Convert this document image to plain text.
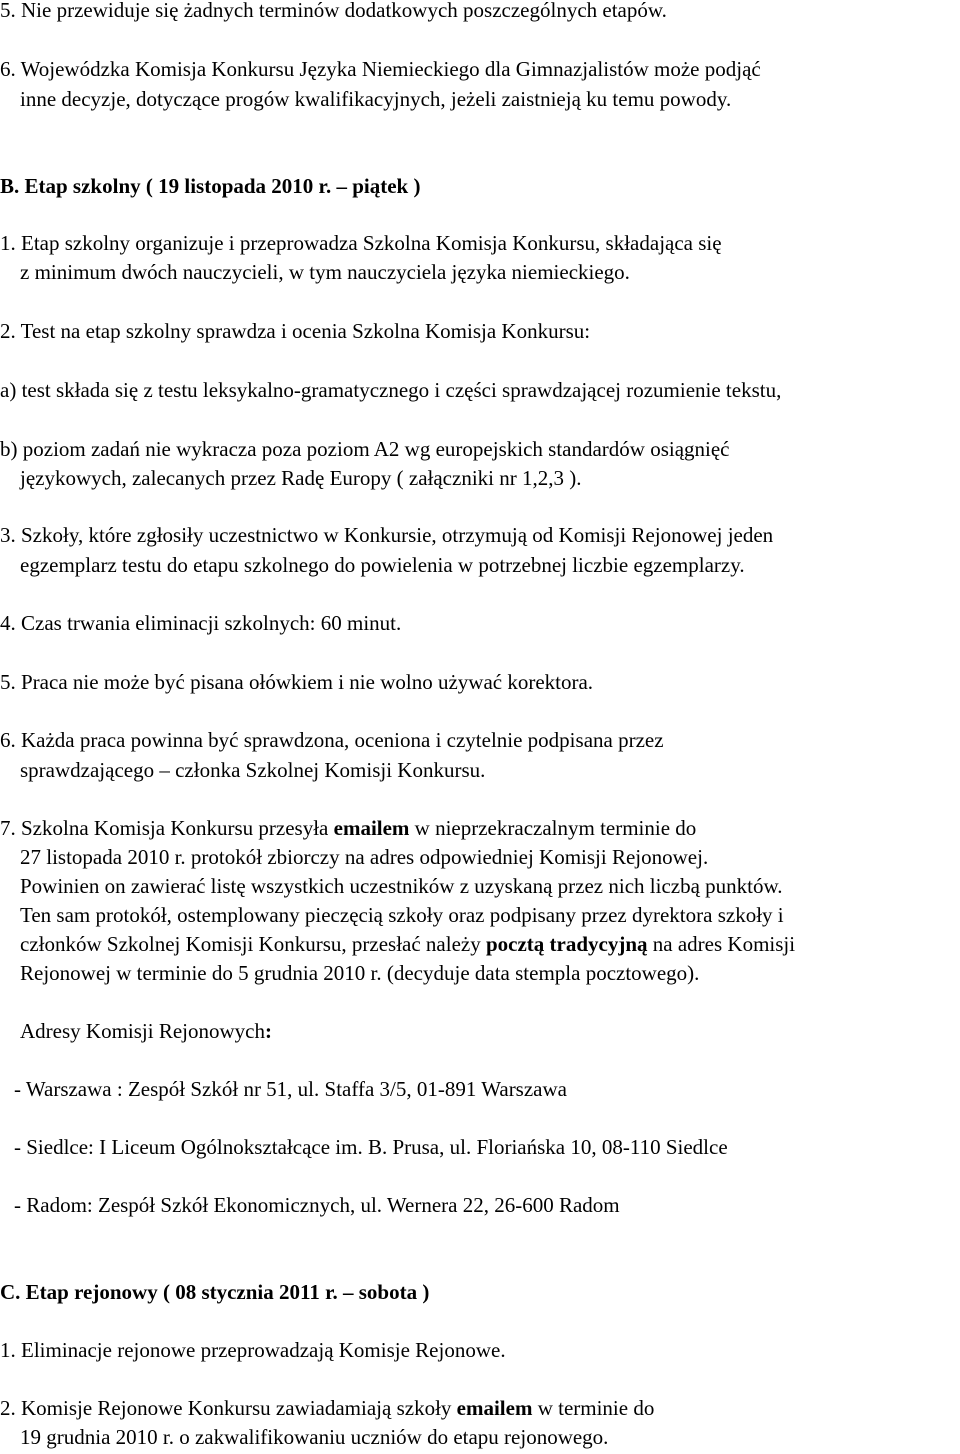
5. Nie przewiduje się żadnych terminów dodatkowych poszczególnych etapów.
6. Wojewódzka Komisja Konkursu Języka Niemieckiego dla Gimnazjalistów może podjąć
inne decyzje, dotyczące progów kwalifikacyjnych, jeżeli zaistnieją ku temu powody.
B. Etap szkolny ( 19 listopada 2010 r. – piątek )
1. Etap szkolny organizuje i przeprowadza Szkolna Komisja Konkursu, składająca się
z minimum dwóch nauczycieli, w tym nauczyciela języka niemieckiego.
2. Test na etap szkolny sprawdza i ocenia Szkolna Komisja Konkursu:
a) test składa się z testu leksykalno-gramatycznego i części sprawdzającej rozumienie tekstu,
b) poziom zadań nie wykracza poza poziom A2 wg europejskich standardów osiągnięć
językowych, zalecanych przez Radę Europy ( załączniki nr 1,2,3 ).
3. Szkoły, które zgłosiły uczestnictwo w Konkursie, otrzymują od Komisji Rejonowej jeden
egzemplarz testu do etapu szkolnego do powielenia w potrzebnej liczbie egzemplarzy.
4. Czas trwania eliminacji szkolnych: 60 minut.
5. Praca nie może być pisana ołówkiem i nie wolno używać korektora.
6. Każda praca powinna być sprawdzona, oceniona i czytelnie podpisana przez
sprawdzającego – członka Szkolnej Komisji Konkursu.
7. Szkolna Komisja Konkursu przesyła emailem w nieprzekraczalnym terminie do
27 listopada 2010 r. protokół zbiorczy na adres odpowiedniej Komisji Rejonowej.
Powinien on zawierać listę wszystkich uczestników z uzyskaną przez nich liczbą punktów.
Ten sam protokół, ostemplowany pieczęcią szkoły oraz podpisany przez dyrektora szkoły i
członków Szkolnej Komisji Konkursu, przesłać należy pocztą tradycyjną na adres Komisji
Rejonowej w terminie do 5 grudnia 2010 r. (decyduje data stempla pocztowego).
Adresy Komisji Rejonowych:
- Warszawa : Zespół Szkół nr 51, ul. Staffa 3/5, 01-891 Warszawa
- Siedlce: I Liceum Ogólnokształcące im. B. Prusa, ul. Floriańska 10, 08-110 Siedlce
- Radom: Zespół Szkół Ekonomicznych, ul. Wernera 22, 26-600 Radom
C. Etap rejonowy ( 08 stycznia 2011 r. – sobota )
1. Eliminacje rejonowe przeprowadzają Komisje Rejonowe.
2. Komisje Rejonowe Konkursu zawiadamiają szkoły emailem w terminie do
19 grudnia 2010 r. o zakwalifikowaniu uczniów do etapu rejonowego.
